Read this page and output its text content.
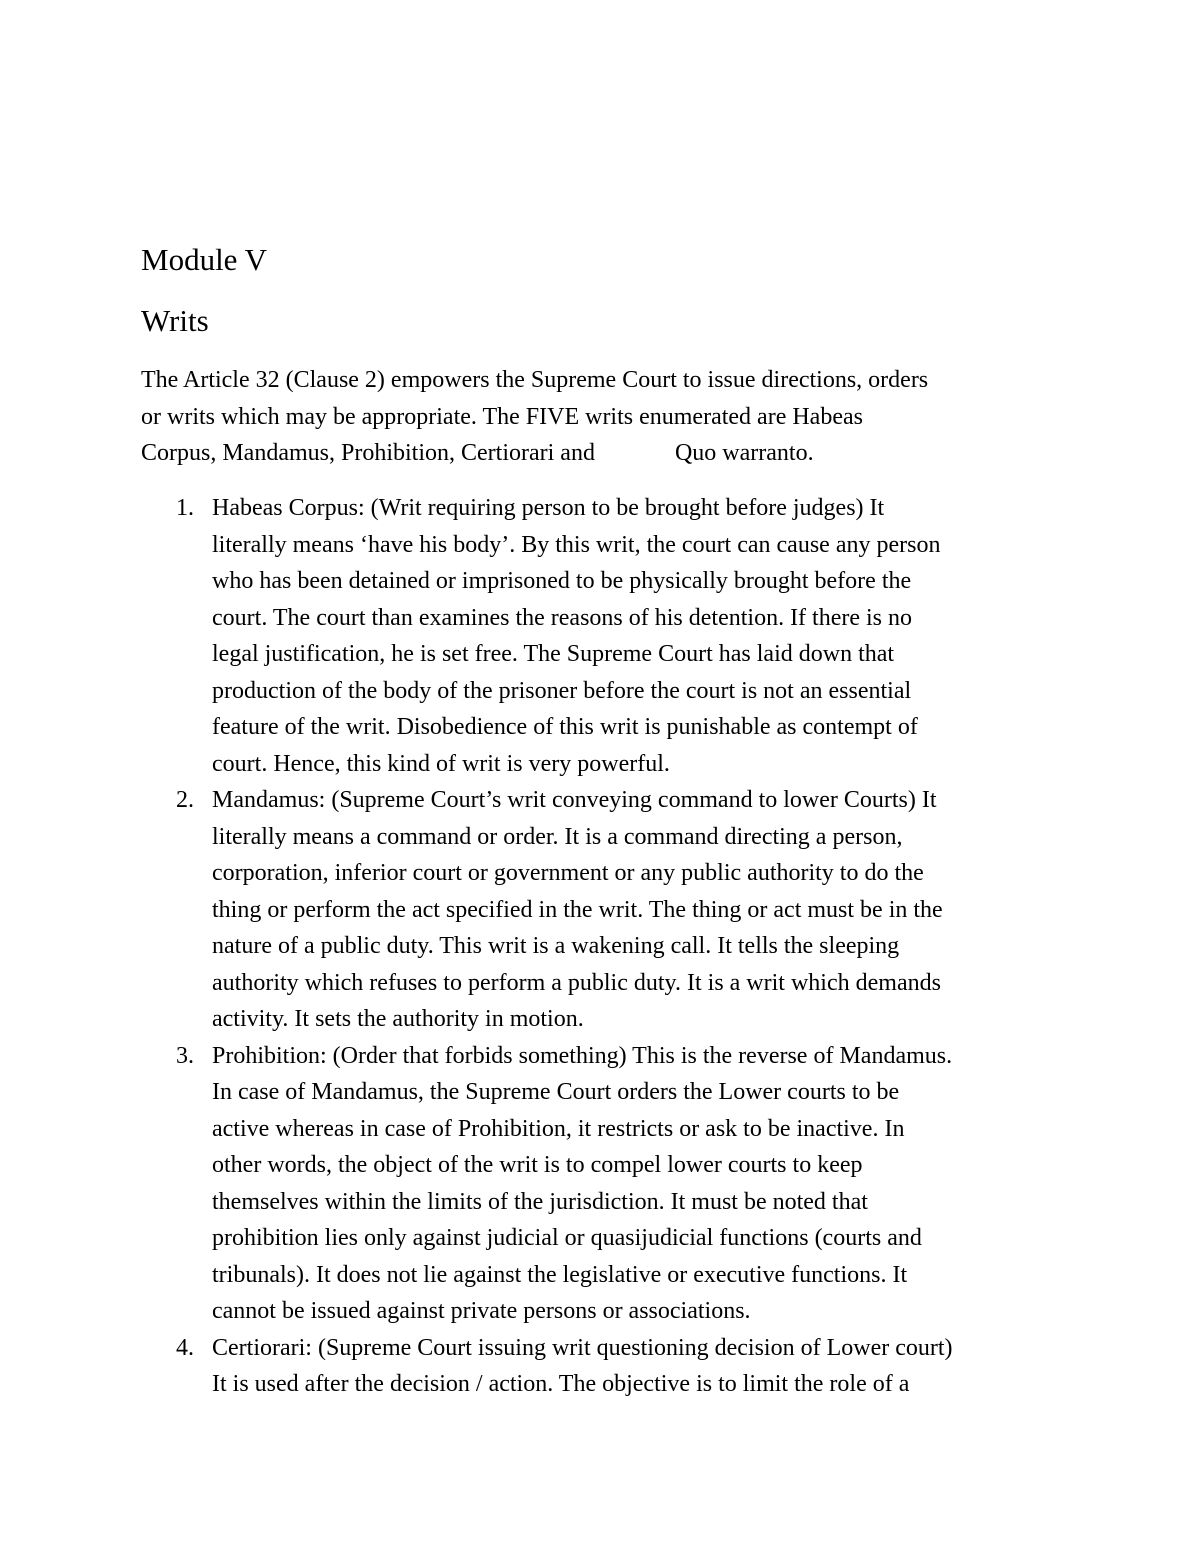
Module V
Writs

The Article 32 (Clause 2) empowers the Supreme Court to issue directions, orders
or writs which may be appropriate. The FIVE writs enumerated are Habeas
Corpus, Mandamus, Prohibition, Certiorari and	Quo warranto.

1. Habeas Corpus: (Writ requiring person to be brought before judges) It
literally means ‘have his body’. By this writ, the court can cause any person
who has been detained or imprisoned to be physically brought before the
court. The court than examines the reasons of his detention. If there is no
legal justification, he is set free. The Supreme Court has laid down that
production of the body of the prisoner before the court is not an essential
feature of the writ. Disobedience of this writ is punishable as contempt of
court. Hence, this kind of writ is very powerful.
2. Mandamus: (Supreme Court’s writ conveying command to lower Courts) It
literally means a command or order. It is a command directing a person,
corporation, inferior court or government or any public authority to do the
thing or perform the act specified in the writ. The thing or act must be in the
nature of a public duty. This writ is a wakening call. It tells the sleeping
authority which refuses to perform a public duty. It is a writ which demands
activity. It sets the authority in motion.
3. Prohibition: (Order that forbids something) This is the reverse of Mandamus.
In case of Mandamus, the Supreme Court orders the Lower courts to be
active whereas in case of Prohibition, it restricts or ask to be inactive. In
other words, the object of the writ is to compel lower courts to keep
themselves within the limits of the jurisdiction. It must be noted that
prohibition lies only against judicial or quasijudicial functions (courts and
tribunals). It does not lie against the legislative or executive functions. It
cannot be issued against private persons or associations.
4. Certiorari: (Supreme Court issuing writ questioning decision of Lower court)
It is used after the decision / action. The objective is to limit the role of a
